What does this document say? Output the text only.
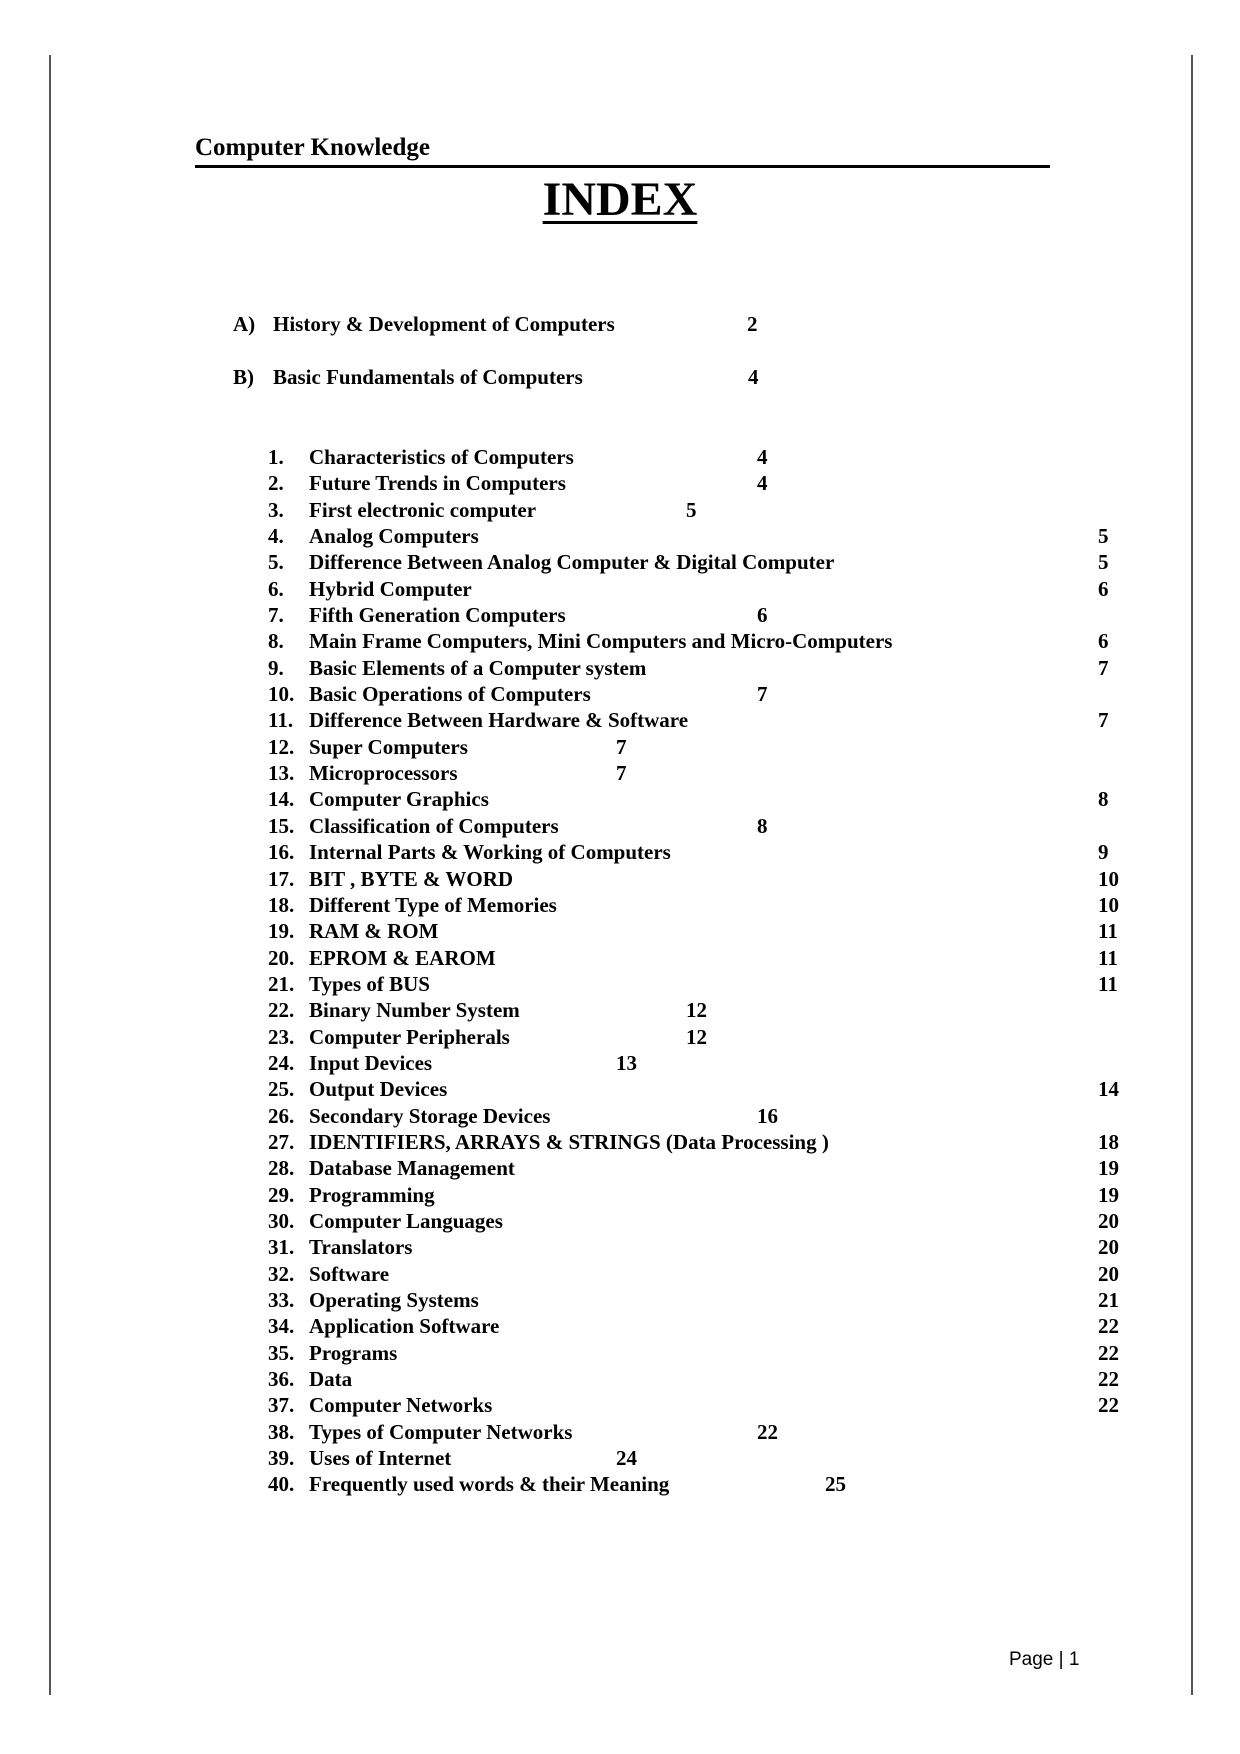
Computer Knowledge
INDEX
A) History & Development of Computers	2
B) Basic Fundamentals of Computers	4
1.	Characteristics of Computers	4
2.	Future Trends in Computers	4
3.	First electronic computer	5
4.	Analog Computers	5
5.	Difference Between Analog Computer & Digital Computer	5
6.	Hybrid Computer	6
7.	Fifth Generation Computers	6
8.	Main Frame Computers, Mini Computers and Micro-Computers	6
9.	Basic Elements of a Computer system	7
10. Basic Operations of Computers	7
11. Difference Between Hardware & Software	7
12. Super Computers	7
13. Microprocessors	7
14. Computer Graphics	8
15. Classification of Computers	8
16. Internal Parts & Working of Computers	9
17. BIT , BYTE & WORD	10
18. Different Type of Memories	10
19. RAM & ROM	11
20. EPROM & EAROM	11
21. Types of BUS	11
22. Binary Number System	12
23. Computer Peripherals	12
24. Input Devices	13
25. Output Devices	14
26. Secondary Storage Devices	16
27. IDENTIFIERS, ARRAYS & STRINGS (Data Processing )	18
28. Database Management	19
29. Programming	19
30. Computer Languages	20
31. Translators	20
32. Software	20
33. Operating Systems	21
34. Application Software	22
35. Programs	22
36. Data	22
37. Computer Networks	22
38. Types of Computer Networks	22
39. Uses of Internet	24
40. Frequently used words & their Meaning	25
Page | 1
